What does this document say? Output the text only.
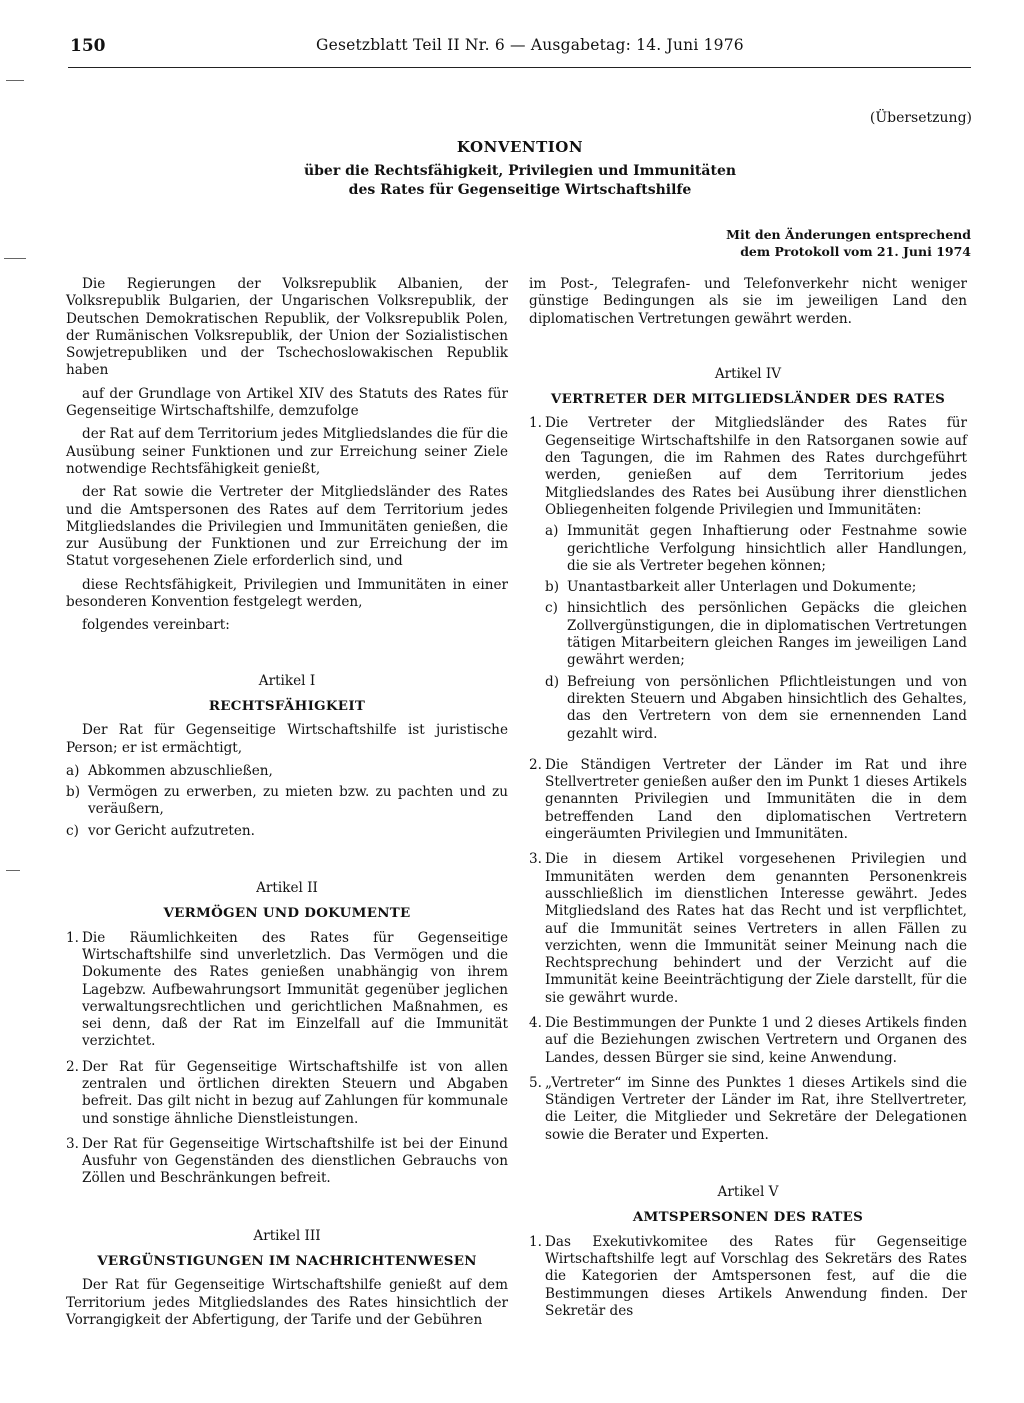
150	Gesetzblatt Teil II Nr. 6 — Ausgabetag: 14. Juni 1976
(Übersetzung)
KONVENTION
über die Rechtsfähigkeit, Privilegien und Immunitäten
des Rates für Gegenseitige Wirtschaftshilfe
Mit den Änderungen entsprechend
dem Protokoll vom 21. Juni 1974

Die Regierungen der Volksrepublik Albanien, der Volksrepublik Bulgarien, der Ungarischen Volksrepublik, der Deutschen Demokratischen Republik, der Volksrepublik Polen, der Rumänischen Volksrepublik, der Union der Sozialistischen Sowjetrepubliken und der Tschechoslowakischen Republik haben

auf der Grundlage von Artikel XIV des Statuts des Rates für Gegenseitige Wirtschaftshilfe, demzufolge

der Rat auf dem Territorium jedes Mitgliedslandes die für die Ausübung seiner Funktionen und zur Erreichung seiner Ziele notwendige Rechtsfähigkeit genießt,

der Rat sowie die Vertreter der Mitgliedsländer des Rates und die Amtspersonen des Rates auf dem Territorium jedes Mitgliedslandes die Privilegien und Immunitäten genießen, die zur Ausübung der Funktionen und zur Erreichung der im Statut vorgesehenen Ziele erforderlich sind, und

diese Rechtsfähigkeit, Privilegien und Immunitäten in einer besonderen Konvention festgelegt werden,

folgendes vereinbart:

Artikel I

RECHTSFÄHIGKEIT

Der Rat für Gegenseitige Wirtschaftshilfe ist juristische Person; er ist ermächtigt,

a) Abkommen abzuschließen,
b) Vermögen zu erwerben, zu mieten bzw. zu pachten und zu veräußern,
c) vor Gericht aufzutreten.

Artikel II

VERMÖGEN UND DOKUMENTE

1. Die Räumlichkeiten des Rates für Gegenseitige Wirtschaftshilfe sind unverletzlich. Das Vermögen und die Dokumente des Rates genießen unabhängig von ihrem Lagebzw. Aufbewahrungsort Immunität gegenüber jeglichen verwaltungsrechtlichen und gerichtlichen Maßnahmen, es sei denn, daß der Rat im Einzelfall auf die Immunität verzichtet.
2. Der Rat für Gegenseitige Wirtschaftshilfe ist von allen zentralen und örtlichen direkten Steuern und Abgaben befreit. Das gilt nicht in bezug auf Zahlungen für kommunale und sonstige ähnliche Dienstleistungen.
3. Der Rat für Gegenseitige Wirtschaftshilfe ist bei der Einund Ausfuhr von Gegenständen des dienstlichen Gebrauchs von Zöllen und Beschränkungen befreit.

Artikel III

VERGÜNSTIGUNGEN IM NACHRICHTENWESEN

Der Rat für Gegenseitige Wirtschaftshilfe genießt auf dem Territorium jedes Mitgliedslandes des Rates hinsichtlich der Vorrangigkeit der Abfertigung, der Tarife und der Gebühren

im Post-, Telegrafen- und Telefonverkehr nicht weniger günstige Bedingungen als sie im jeweiligen Land den diplomatischen Vertretungen gewährt werden.

Artikel IV

VERTRETER DER MITGLIEDSLÄNDER DES RATES

1. Die Vertreter der Mitgliedsländer des Rates für Gegenseitige Wirtschaftshilfe in den Ratsorganen sowie auf den Tagungen, die im Rahmen des Rates durchgeführt werden, genießen auf dem Territorium jedes Mitgliedslandes des Rates bei Ausübung ihrer dienstlichen Obliegenheiten folgende Privilegien und Immunitäten:
a) Immunität gegen Inhaftierung oder Festnahme sowie gerichtliche Verfolgung hinsichtlich aller Handlungen, die sie als Vertreter begehen können;
b) Unantastbarkeit aller Unterlagen und Dokumente;
c) hinsichtlich des persönlichen Gepäcks die gleichen Zollvergünstigungen, die in diplomatischen Vertretungen tätigen Mitarbeitern gleichen Ranges im jeweiligen Land gewährt werden;
d) Befreiung von persönlichen Pflichtleistungen und von direkten Steuern und Abgaben hinsichtlich des Gehaltes, das den Vertretern von dem sie ernennenden Land gezahlt wird.
2. Die Ständigen Vertreter der Länder im Rat und ihre Stellvertreter genießen außer den im Punkt 1 dieses Artikels genannten Privilegien und Immunitäten die in dem betreffenden Land den diplomatischen Vertretern eingeräumten Privilegien und Immunitäten.
3. Die in diesem Artikel vorgesehenen Privilegien und Immunitäten werden dem genannten Personenkreis ausschließlich im dienstlichen Interesse gewährt. Jedes Mitgliedsland des Rates hat das Recht und ist verpflichtet, auf die Immunität seines Vertreters in allen Fällen zu verzichten, wenn die Immunität seiner Meinung nach die Rechtsprechung behindert und der Verzicht auf die Immunität keine Beeinträchtigung der Ziele darstellt, für die sie gewährt wurde.
4. Die Bestimmungen der Punkte 1 und 2 dieses Artikels finden auf die Beziehungen zwischen Vertretern und Organen des Landes, dessen Bürger sie sind, keine Anwendung.
5. „Vertreter“ im Sinne des Punktes 1 dieses Artikels sind die Ständigen Vertreter der Länder im Rat, ihre Stellvertreter, die Leiter, die Mitglieder und Sekretäre der Delegationen sowie die Berater und Experten.

Artikel V

AMTSPERSONEN DES RATES

1. Das Exekutivkomitee des Rates für Gegenseitige Wirtschaftshilfe legt auf Vorschlag des Sekretärs des Rates die Kategorien der Amtspersonen fest, auf die die Bestimmungen dieses Artikels Anwendung finden. Der Sekretär des
